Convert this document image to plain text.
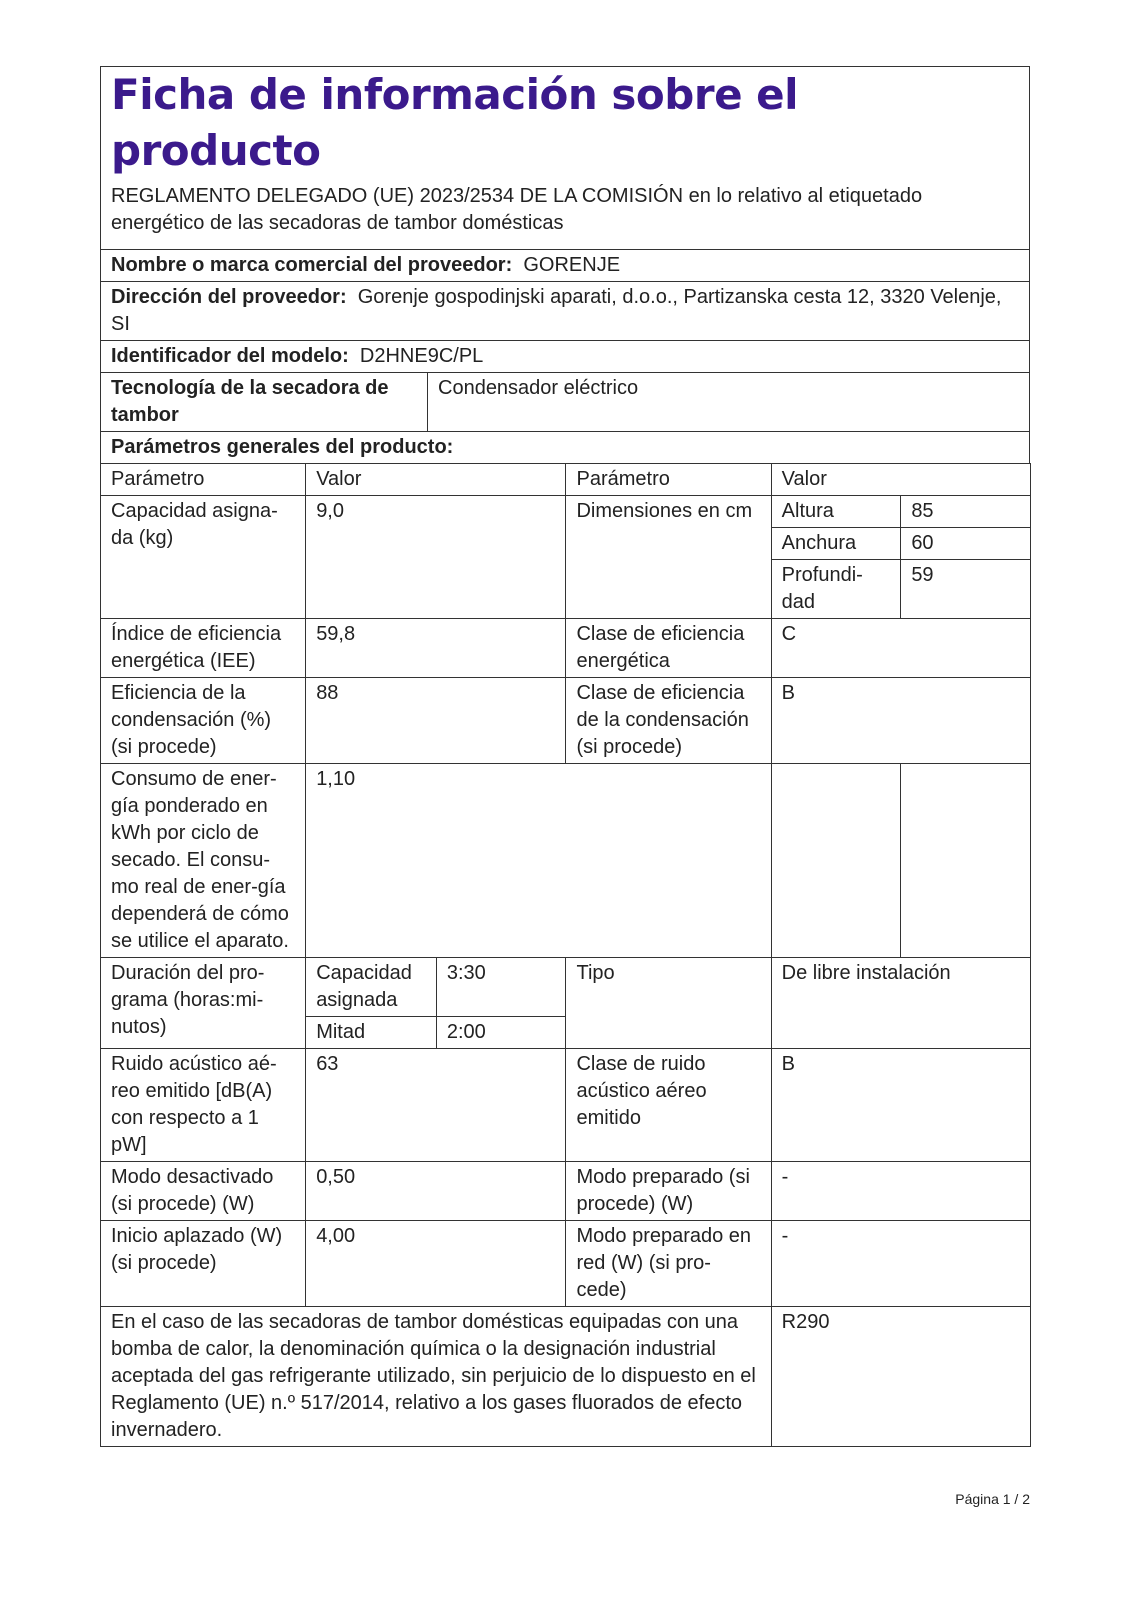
Ficha de información sobre el producto
REGLAMENTO DELEGADO (UE) 2023/2534 DE LA COMISIÓN en lo relativo al etiquetado energético de las secadoras de tambor domésticas
Nombre o marca comercial del proveedor: GORENJE
Dirección del proveedor: Gorenje gospodinjski aparati, d.o.o., Partizanska cesta 12, 3320 Velenje, SI
Identificador del modelo: D2HNE9C/PL
Tecnología de la secadora de tambor
Condensador eléctrico
Parámetros generales del producto:
Parámetro	Valor		Parámetro	Valor	
Capacidad asigna-da (kg)	9,0		Dimensiones en cm	Altura	85
				Anchura	60
				Profundi-dad	59
Índice de eficiencia energética (IEE)	59,8		Clase de eficiencia energética	C	
Eficiencia de la condensación (%) (si procede)	88		Clase de eficiencia de la condensación (si procede)	B	
Consumo de ener-gía ponderado en kWh por ciclo de secado. El consu-mo real de ener-gía dependerá de cómo se utilice el aparato.	1,10				
Duración del pro-grama (horas:mi-nutos)	Capacidad asignada	3:30	Tipo	De libre instalación	
	Mitad	2:00			
Ruido acústico aé-reo emitido [dB(A) con respecto a 1 pW]	63		Clase de ruido acústico aéreo emitido	B	
Modo desactivado (si procede) (W)	0,50		Modo preparado (si procede) (W)	-	
Inicio aplazado (W) (si procede)	4,00		Modo preparado en red (W) (si pro-cede)	-	
En el caso de las secadoras de tambor domésticas equipadas con una bomba de calor, la denominación química o la designación industrial aceptada del gas refrigerante utilizado, sin perjuicio de lo dispuesto en el Reglamento (UE) n.º 517/2014, relativo a los gases fluorados de efecto invernadero.				R290	
Página 1 / 2
